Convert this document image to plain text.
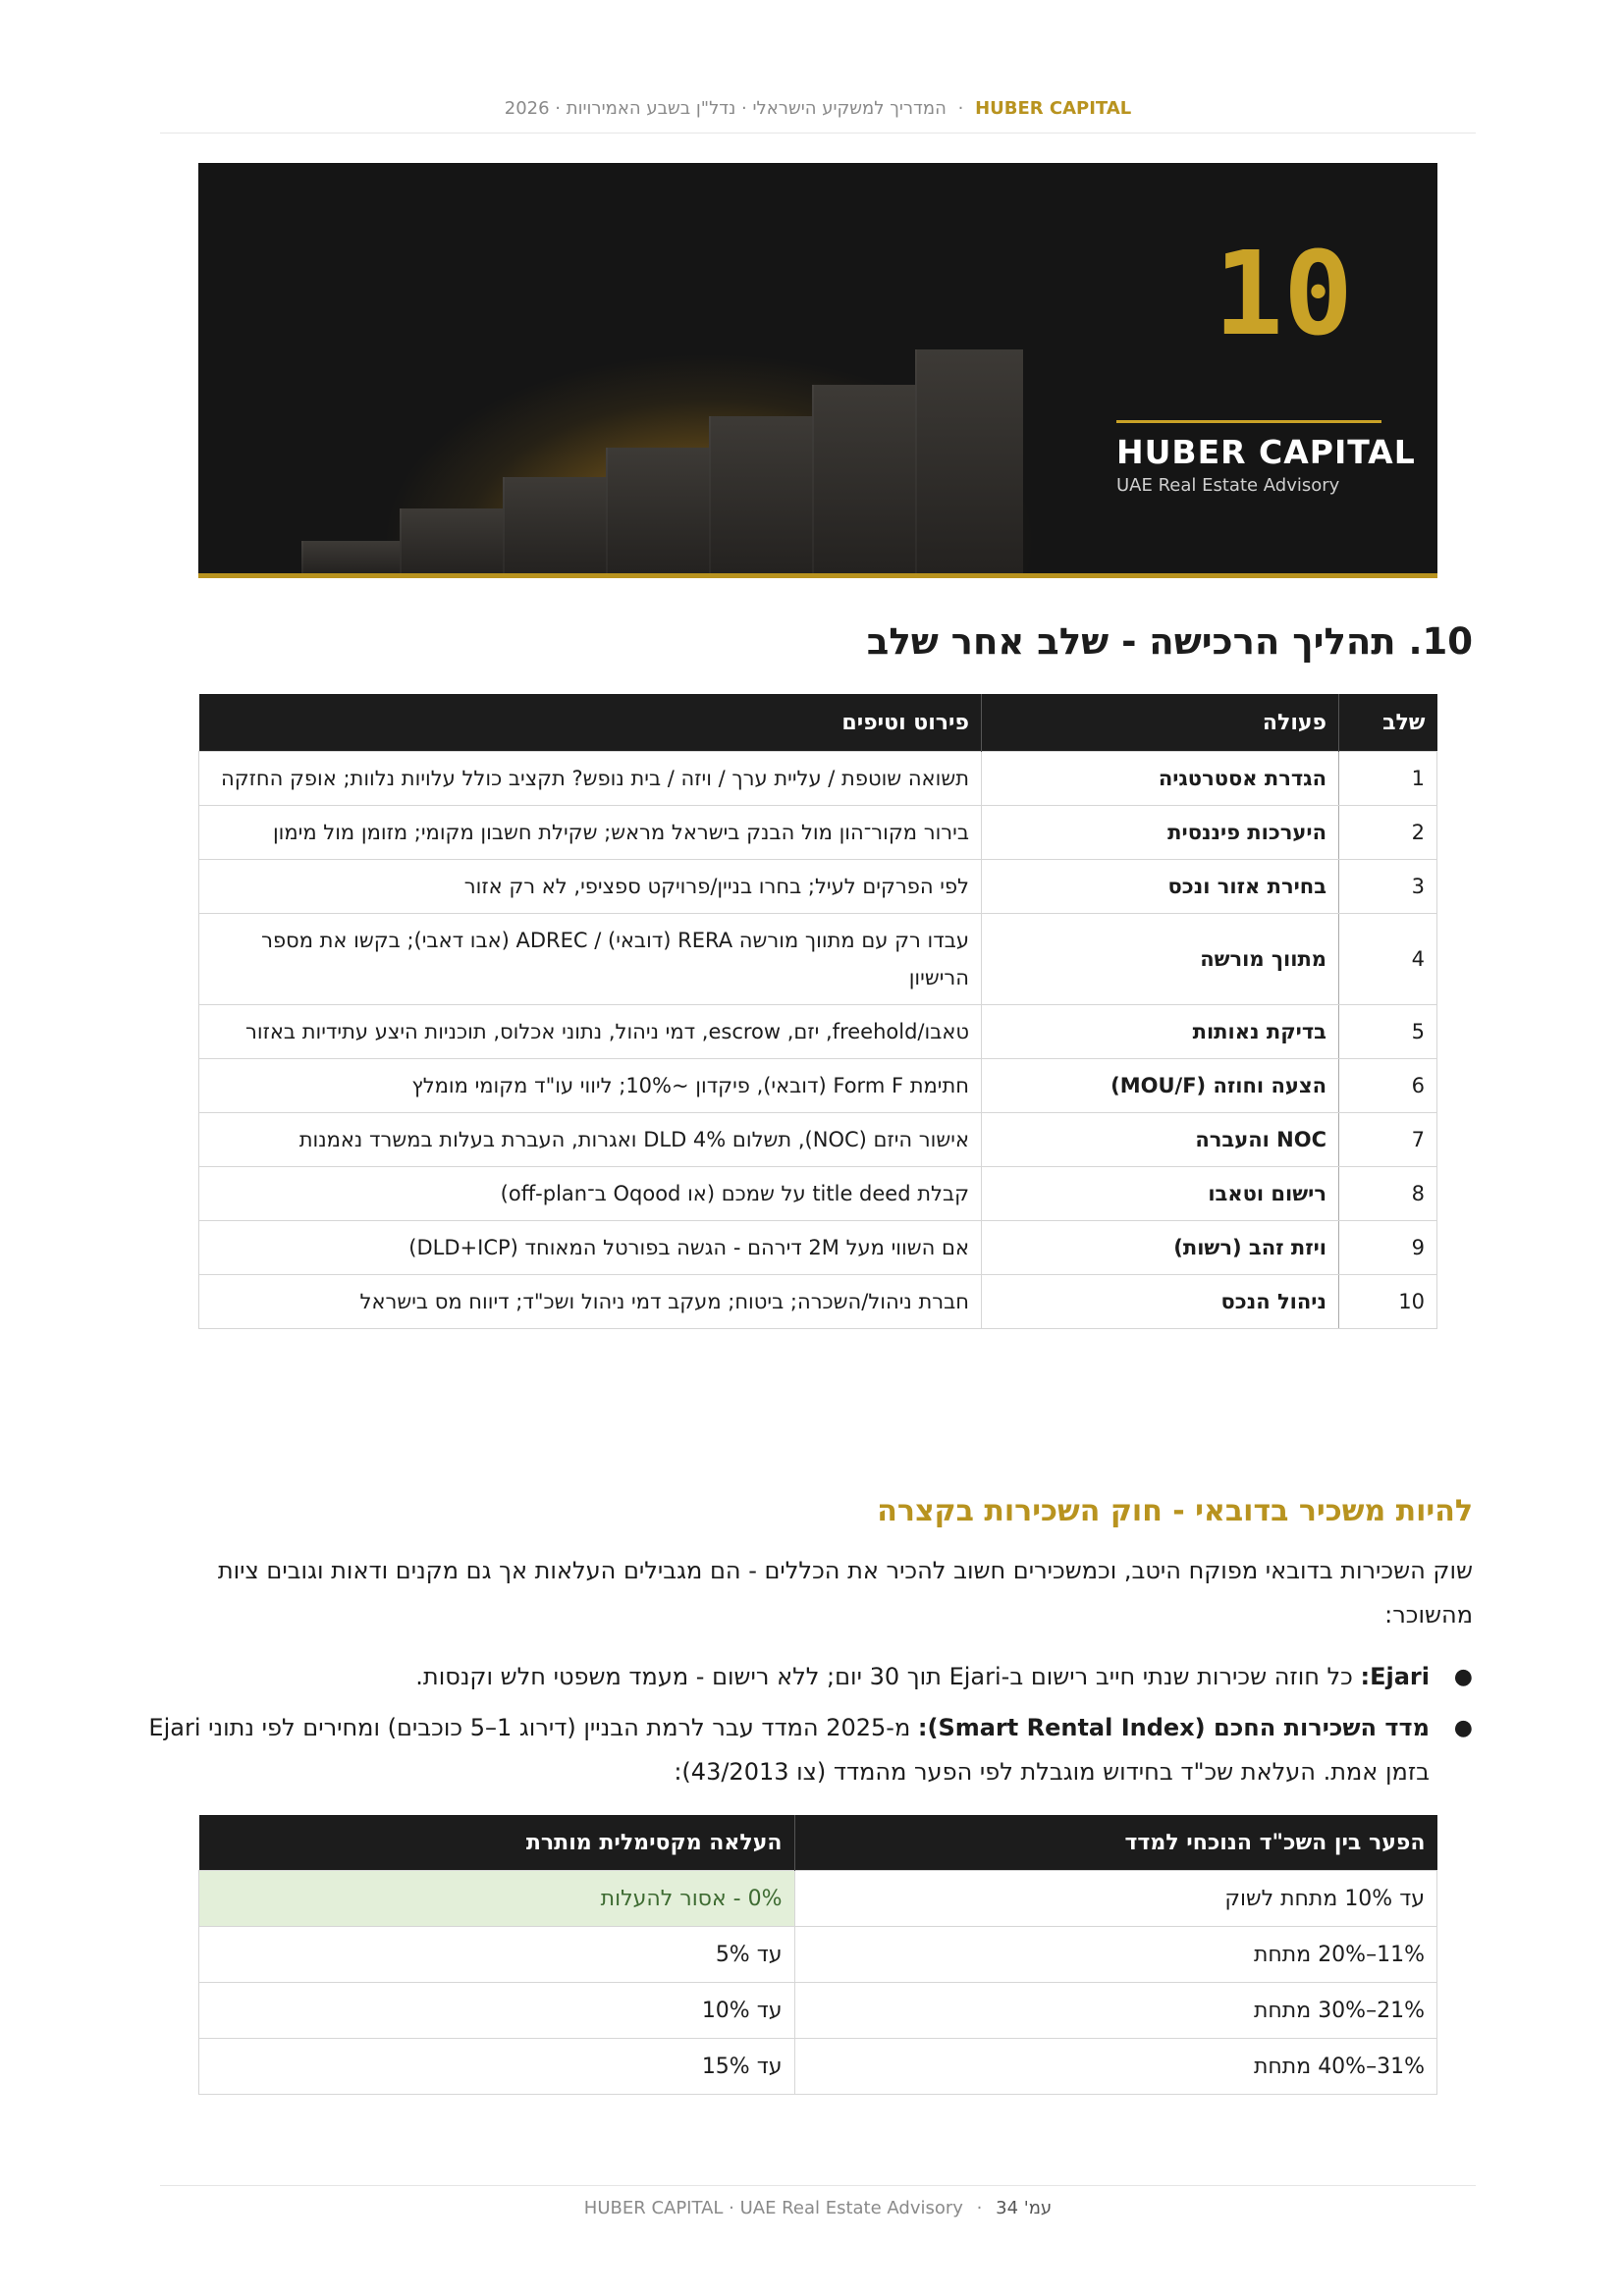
HUBER CAPITAL · המדריך למשקיע הישראלי · נדל"ן בשבע האמירויות · 2026
10
HUBER CAPITAL
UAE Real Estate Advisory
10. תהליך הרכישה - שלב אחר שלב
שלב	פעולה	פירוט וטיפים
1	הגדרת אסטרטגיה	תשואה שוטפת / עליית ערך / ויזה / בית נופש? תקציב כולל עלויות נלוות; אופק החזקה
2	היערכות פיננסית	בירור מקור־הון מול הבנק בישראל מראש; שקילת חשבון מקומי; מזומן מול מימון
3	בחירת אזור ונכס	לפי הפרקים לעיל; בחרו בניין/פרויקט ספציפי, לא רק אזור
4	מתווך מורשה	עבדו רק עם מתווך מורשה RERA (דובאי) / ADREC (אבו דאבי); בקשו את מספר הרישיון
5	בדיקת נאותות	טאבו/freehold, יזם, escrow, דמי ניהול, נתוני אכלוס, תוכניות היצע עתידיות באזור
6	הצעה וחוזה (MOU/F)	חתימת Form F (דובאי), פיקדון ~10%; ליווי עו"ד מקומי מומלץ
7	NOC והעברה	אישור היזם (NOC), תשלום DLD 4% ואגרות, העברת בעלות במשרד נאמנות
8	רישום וטאבו	קבלת title deed על שמכם (או Oqood ב־off-plan)
9	ויזת זהב (רשות)	אם השווי מעל 2M דירהם - הגשה בפורטל המאוחד (DLD+ICP)
10	ניהול הנכס	חברת ניהול/השכרה; ביטוח; מעקב דמי ניהול ושכ"ד; דיווח מס בישראל
להיות משכיר בדובאי - חוק השכירות בקצרה

שוק השכירות בדובאי מפוקח היטב, וכמשכירים חשוב להכיר את הכללים - הם מגבילים העלאות אך גם מקנים ודאות וגובים ציות מהשוכר:

●
Ejari: כל חוזה שכירות שנתי חייב רישום ב-Ejari תוך 30 יום; ללא רישום - מעמד משפטי חלש וקנסות.
●
מדד השכירות החכם (Smart Rental Index): מ-2025 המדד עבר לרמת הבניין (דירוג 1–5 כוכבים) ומחירים לפי נתוני Ejari בזמן אמת. העלאת שכ"ד בחידוש מוגבלת לפי הפער מהמדד (צו 43/2013):
הפער בין השכ"ד הנוכחי למדד	העלאה מקסימלית מותרת
עד 10% מתחת לשוק	0% - אסור להעלות
11%–20% מתחת	עד 5%
21%–30% מתחת	עד 10%
31%–40% מתחת	עד 15%
עמ' 34 · HUBER CAPITAL · UAE Real Estate Advisory
